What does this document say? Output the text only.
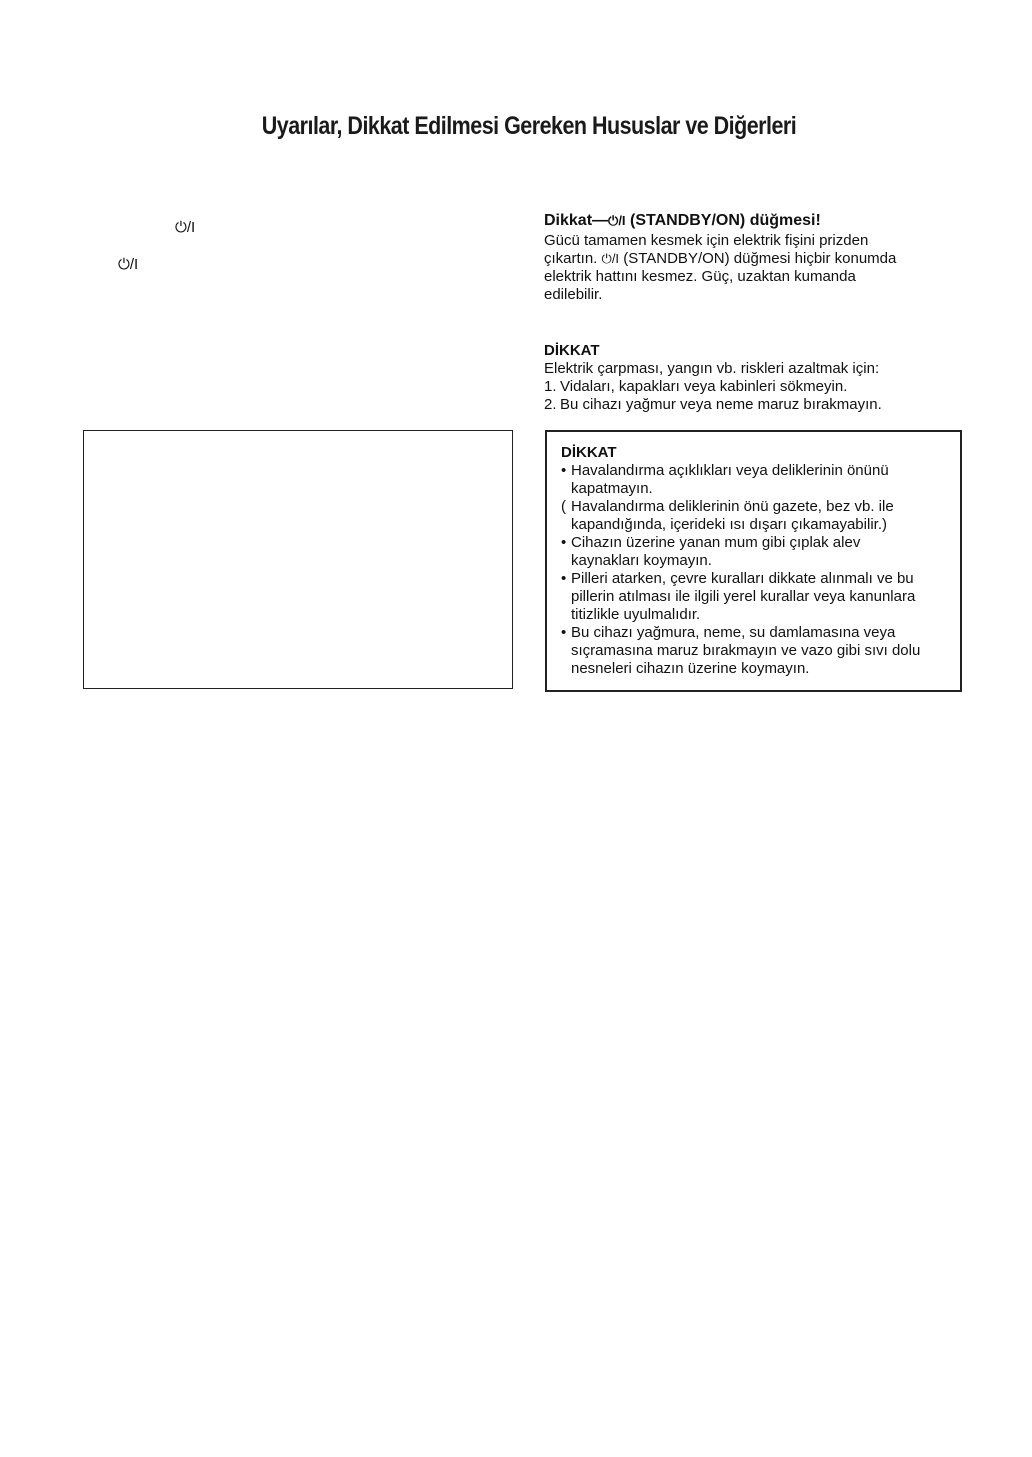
Uyarılar, Dikkat Edilmesi Gereken Hususlar ve Diğerleri
⏻/I
⏻/I
Dikkat—⏻/I (STANDBY/ON) düğmesi!
Gücü tamamen kesmek için elektrik fişini prizden
çıkartın. ⏻/I (STANDBY/ON) düğmesi hiçbir konumda
elektrik hattını kesmez. Güç, uzaktan kumanda
edilebilir.
DİKKAT
Elektrik çarpması, yangın vb. riskleri azaltmak için:
1. Vidaları, kapakları veya kabinleri sökmeyin.
2. Bu cihazı yağmur veya neme maruz bırakmayın.
DİKKAT
• Havalandırma açıklıkları veya deliklerinin önünü
kapatmayın.
( Havalandırma deliklerinin önü gazete, bez vb. ile
kapandığında, içerideki ısı dışarı çıkamayabilir.)
• Cihazın üzerine yanan mum gibi çıplak alev
kaynakları koymayın.
• Pilleri atarken, çevre kuralları dikkate alınmalı ve bu
pillerin atılması ile ilgili yerel kurallar veya kanunlara
titizlikle uyulmalıdır.
• Bu cihazı yağmura, neme, su damlamasına veya
sıçramasına maruz bırakmayın ve vazo gibi sıvı dolu
nesneleri cihazın üzerine koymayın.
